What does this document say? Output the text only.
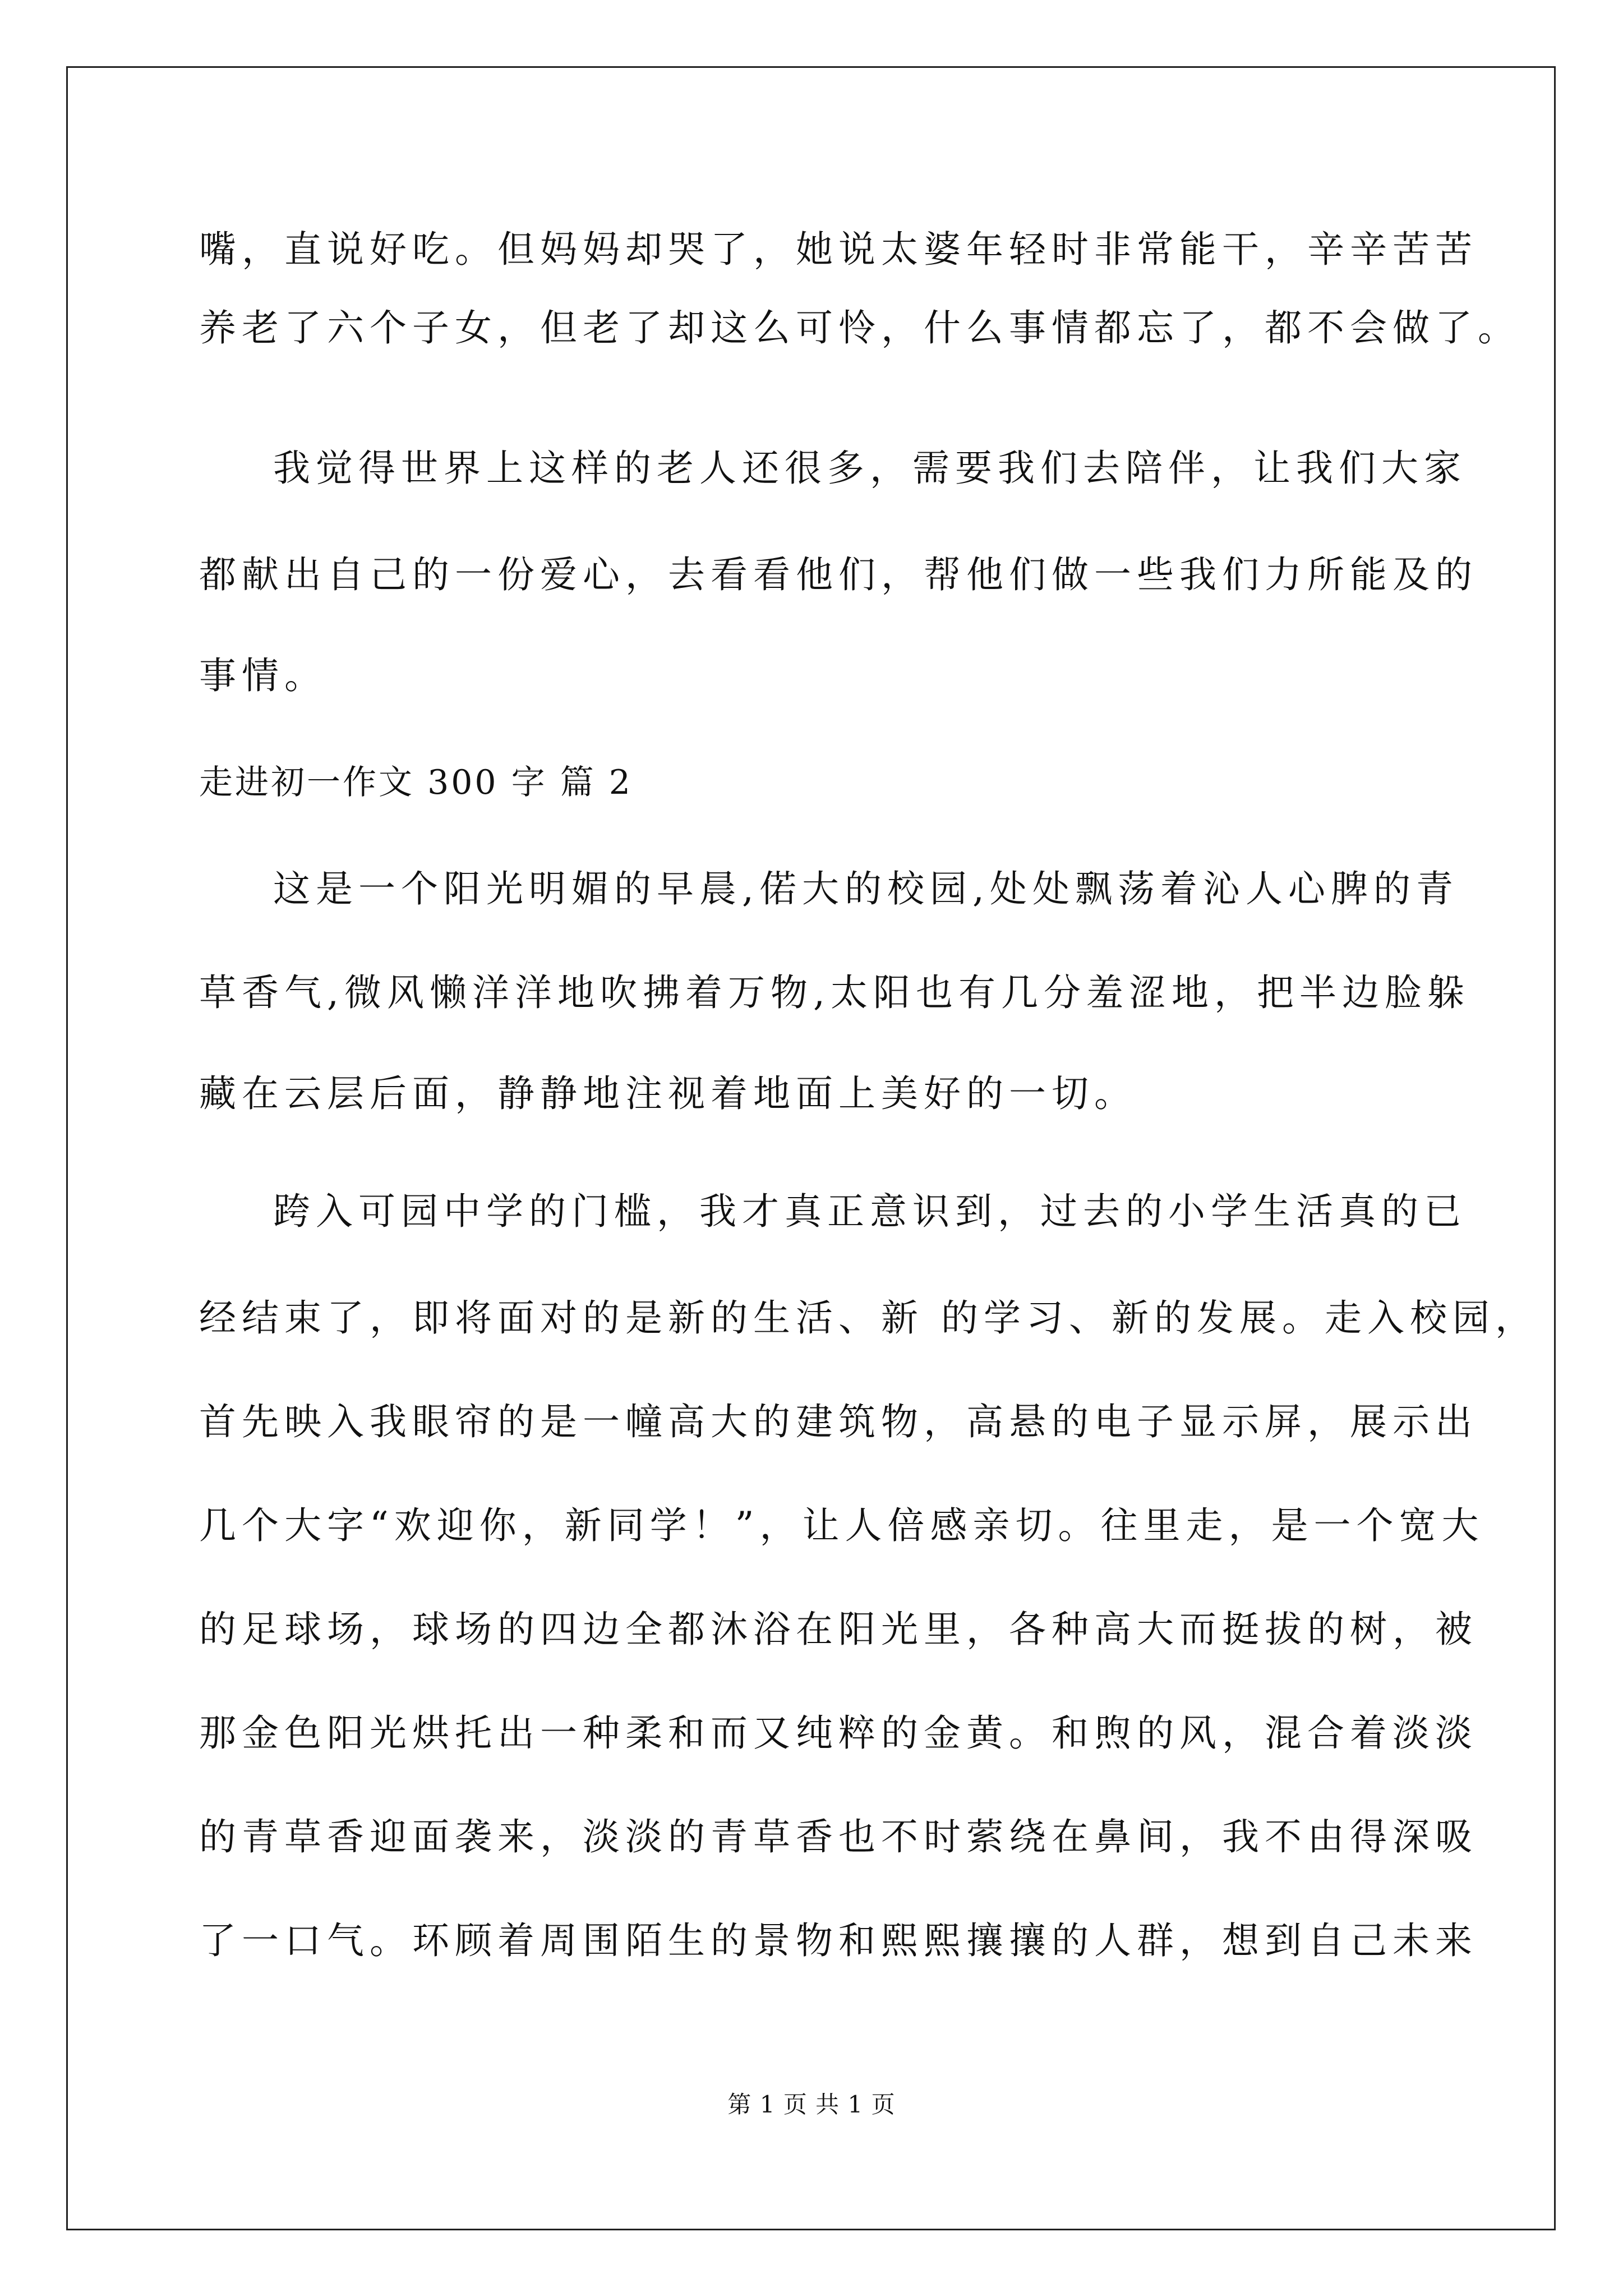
嘴，直说好吃。但妈妈却哭了，她说太婆年轻时非常能干，辛辛苦苦
养老了六个子女，但老了却这么可怜，什么事情都忘了，都不会做了。
我觉得世界上这样的老人还很多，需要我们去陪伴，让我们大家
都献出自己的一份爱心，去看看他们，帮他们做一些我们力所能及的
事情。
走进初一作文 300 字 篇 2
这是一个阳光明媚的早晨,偌大的校园,处处飘荡着沁人心脾的青
草香气,微风懒洋洋地吹拂着万物,太阳也有几分羞涩地，把半边脸躲
藏在云层后面，静静地注视着地面上美好的一切。
跨入可园中学的门槛，我才真正意识到，过去的小学生活真的已
经结束了，即将面对的是新的生活、新 的学习、新的发展。走入校园，
首先映入我眼帘的是一幢高大的建筑物，高悬的电子显示屏，展示出
几个大字“欢迎你，新同学！”，让人倍感亲切。往里走，是一个宽大
的足球场，球场的四边全都沐浴在阳光里，各种高大而挺拔的树，被
那金色阳光烘托出一种柔和而又纯粹的金黄。和煦的风，混合着淡淡
的青草香迎面袭来，淡淡的青草香也不时萦绕在鼻间，我不由得深吸
了一口气。环顾着周围陌生的景物和熙熙攘攘的人群，想到自己未来
第 1 页 共 1 页
